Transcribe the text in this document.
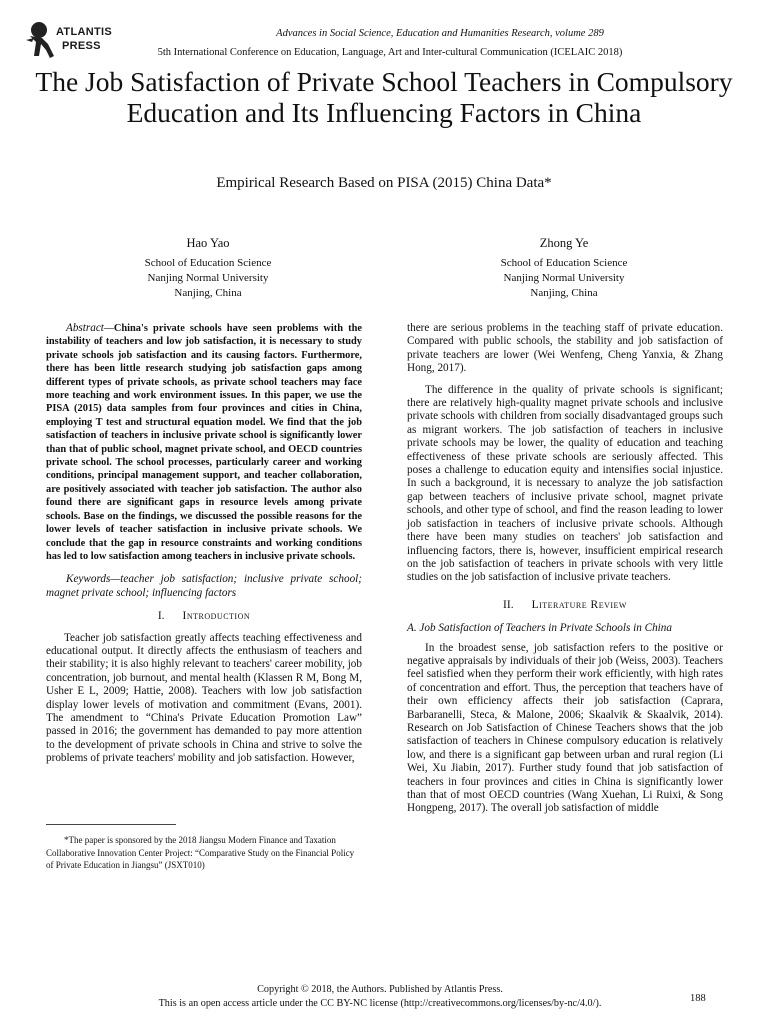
ATLANTIS
PRESS
Advances in Social Science, Education and Humanities Research, volume 289
5th International Conference on Education, Language, Art and Inter-cultural Communication (ICELAIC 2018)
The Job Satisfaction of Private School Teachers in Compulsory Education and Its Influencing Factors in China
Empirical Research Based on PISA (2015) China Data*
Hao Yao
School of Education Science
Nanjing Normal University
Nanjing, China
Zhong Ye
School of Education Science
Nanjing Normal University
Nanjing, China

Abstract—China's private schools have seen problems with the instability of teachers and low job satisfaction, it is necessary to study private schools job satisfaction and its causing factors. Furthermore, there has been little research studying job satisfaction gaps among different types of private schools, as private school teachers may face more teaching and work environment issues. In this paper, we use the PISA (2015) data samples from four provinces and cities in China, employing T test and structural equation model. We find that the job satisfaction of teachers in inclusive private school is significantly lower than that of public school, magnet private school, and OECD countries private school. The school processes, particularly career and working conditions, principal management support, and teacher collaboration, are positively associated with teacher job satisfaction. The author also found there are significant gaps in resource levels among private schools. Base on the findings, we discussed the possible reasons for the lower levels of teacher satisfaction in inclusive private schools. We conclude that the gap in resource constraints and working conditions has led to low satisfaction among teachers in inclusive private schools.

Keywords—teacher job satisfaction; inclusive private school; magnet private school; influencing factors

I. Introduction

Teacher job satisfaction greatly affects teaching effectiveness and educational output. It directly affects the enthusiasm of teachers and their stability; it is also highly relevant to teachers' career mobility, job concentration, job burnout, and mental health (Klassen R M, Bong M, Usher E L, 2009; Hattie, 2008). Teachers with low job satisfaction display lower levels of motivation and commitment (Evans, 2001). The amendment to “China's Private Education Promotion Law” passed in 2016; the government has demanded to pay more attention to the development of private schools in China and strive to solve the problems of private teachers' mobility and job satisfaction. However,

*The paper is sponsored by the 2018 Jiangsu Modern Finance and Taxation Collaborative Innovation Center Project: “Comparative Study on the Financial Policy of Private Education in Jiangsu” (JSXT010)

there are serious problems in the teaching staff of private education. Compared with public schools, the stability and job satisfaction of private teachers are lower (Wei Wenfeng, Cheng Yanxia, & Zhang Hong, 2017).

The difference in the quality of private schools is significant; there are relatively high-quality magnet private schools and inclusive private schools with children from socially disadvantaged groups such as migrant workers. The job satisfaction of teachers in inclusive private schools may be lower, the quality of education and teaching effectiveness of these private schools are seriously affected. This poses a challenge to education equity and intensifies social injustice. In such a background, it is necessary to analyze the job satisfaction gap between teachers of inclusive private school, magnet private schools, and other type of school, and find the reason leading to lower job satisfaction in teachers of inclusive private schools. Although there have been many studies on teachers' job satisfaction and influencing factors, there is, however, insufficient empirical research on the job satisfaction of teachers in private schools with very little studies on the job satisfaction of inclusive private teachers.

II. Literature Review

A. Job Satisfaction of Teachers in Private Schools in China

In the broadest sense, job satisfaction refers to the positive or negative appraisals by individuals of their job (Weiss, 2003). Teachers feel satisfied when they perform their work efficiently, with high rates of concentration and effort. Thus, the perception that teachers have of their own efficiency affects their job satisfaction (Caprara, Barbaranelli, Steca, & Malone, 2006; Skaalvik & Skaalvik, 2014). Research on Job Satisfaction of Chinese Teachers shows that the job satisfaction of teachers in Chinese compulsory education is relatively low, and there is a significant gap between urban and rural region (Li Wei, Xu Jiabin, 2017). Further study found that job satisfaction of teachers in four provinces and cities in China is significantly lower than that of most OECD countries (Wang Xuehan, Li Ruixi, & Song Hongpeng, 2017). The overall job satisfaction of middle

Copyright © 2018, the Authors. Published by Atlantis Press.
This is an open access article under the CC BY-NC license (http://creativecommons.org/licenses/by-nc/4.0/).	188
